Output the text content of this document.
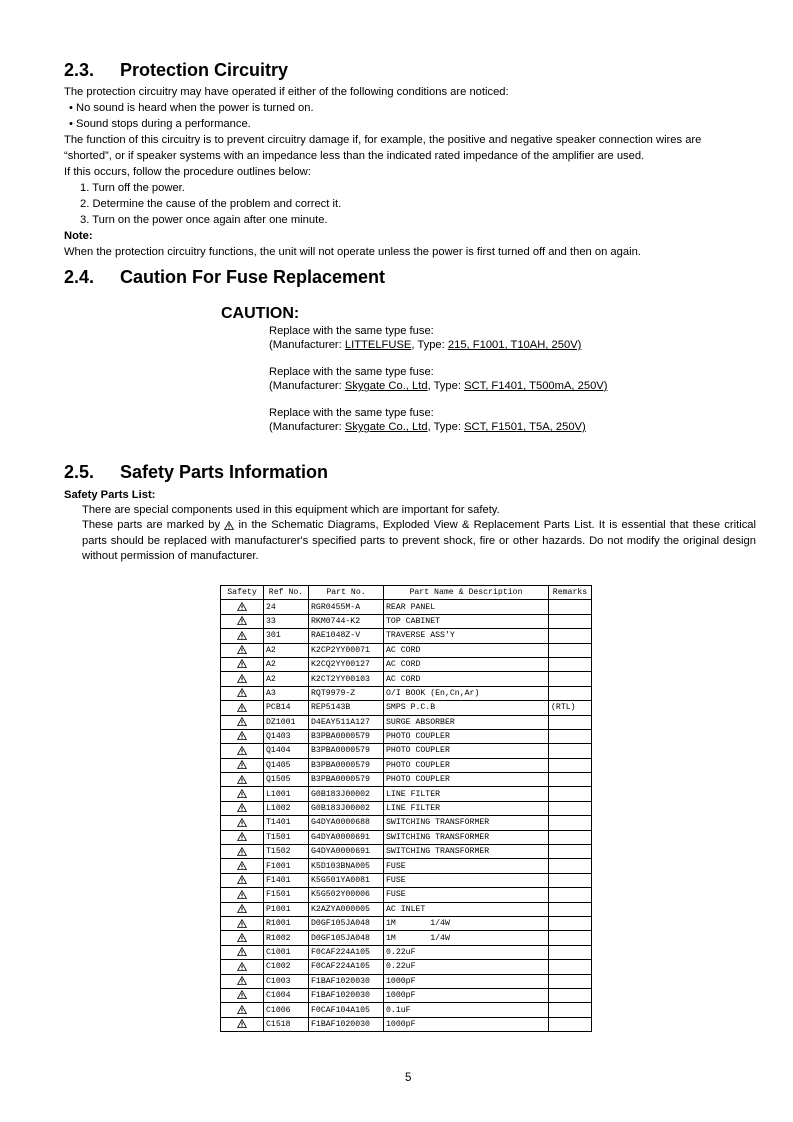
2.3. Protection Circuitry
The protection circuitry may have operated if either of the following conditions are noticed:
• No sound is heard when the power is turned on.
• Sound stops during a performance.
The function of this circuitry is to prevent circuitry damage if, for example, the positive and negative speaker connection wires are
“shorted”, or if speaker systems with an impedance less than the indicated rated impedance of the amplifier are used.
If this occurs, follow the procedure outlines below:
1. Turn off the power.
2. Determine the cause of the problem and correct it.
3. Turn on the power once again after one minute.
Note:
When the protection circuitry functions, the unit will not operate unless the power is first turned off and then on again.
2.4. Caution For Fuse Replacement
CAUTION:
Replace with the same type fuse:
(Manufacturer: LITTELFUSE, Type: 215, F1001, T10AH, 250V)
Replace with the same type fuse:
(Manufacturer: Skygate Co., Ltd, Type: SCT, F1401, T500mA, 250V)
Replace with the same type fuse:
(Manufacturer: Skygate Co., Ltd, Type: SCT, F1501, T5A, 250V)
2.5. Safety Parts Information
Safety Parts List:
There are special components used in this equipment which are important for safety.
These parts are marked by in the Schematic Diagrams, Exploded View & Replacement Parts List. It is essential that these critical parts should be replaced with manufacturer's specified parts to prevent shock, fire or other hazards. Do not modify the original design without permission of manufacturer.
Safety	Ref No.	Part No.	Part Name & Description	Remarks
	24	RGR0455M-A	REAR PANEL	
	33	RKM0744-K2	TOP CABINET	
	301	RAE1048Z-V	TRAVERSE ASS'Y	
	A2	K2CP2YY00071	AC CORD	
	A2	K2CQ2YY00127	AC CORD	
	A2	K2CT2YY00103	AC CORD	
	A3	RQT9979-Z	O/I BOOK (En,Cn,Ar)	
	PCB14	REP5143B	SMPS P.C.B	(RTL)
	DZ1001	D4EAY511A127	SURGE ABSORBER	
	Q1403	B3PBA0000579	PHOTO COUPLER	
	Q1404	B3PBA0000579	PHOTO COUPLER	
	Q1405	B3PBA0000579	PHOTO COUPLER	
	Q1505	B3PBA0000579	PHOTO COUPLER	
	L1001	G0B183J00002	LINE FILTER	
	L1002	G0B183J00002	LINE FILTER	
	T1401	G4DYA0000688	SWITCHING TRANSFORMER	
	T1501	G4DYA0000691	SWITCHING TRANSFORMER	
	T1502	G4DYA0000691	SWITCHING TRANSFORMER	
	F1001	K5D103BNA005	FUSE	
	F1401	K5G501YA0081	FUSE	
	F1501	K5G502Y00006	FUSE	
	P1001	K2AZYA000005	AC INLET	
	R1001	D0GF105JA048	1M       1/4W	
	R1002	D0GF105JA048	1M       1/4W	
	C1001	F0CAF224A105	0.22uF	
	C1002	F0CAF224A105	0.22uF	
	C1003	F1BAF1020030	1000pF	
	C1004	F1BAF1020030	1000pF	
	C1006	F0CAF104A105	0.1uF	
	C1518	F1BAF1020030	1000pF	
5
